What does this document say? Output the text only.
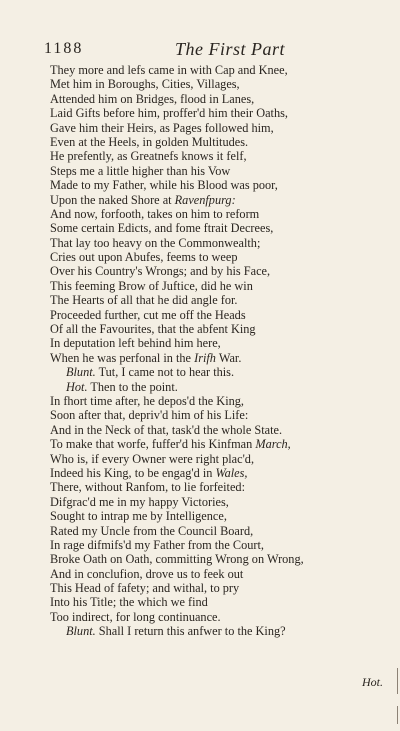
1188	The First Part
They more and lefs came in with Cap and Knee,
Met him in Boroughs, Cities, Villages,
Attended him on Bridges, flood in Lanes,
Laid Gifts before him, proffer'd him their Oaths,
Gave him their Heirs, as Pages followed him,
Even at the Heels, in golden Multitudes.
He prefently, as Greatnefs knows it felf,
Steps me a little higher than his Vow
Made to my Father, while his Blood was poor,
Upon the naked Shore at Ravenfpurg:
And now, forfooth, takes on him to reform
Some certain Edicts, and fome ftrait Decrees,
That lay too heavy on the Commonwealth;
Cries out upon Abufes, feems to weep
Over his Country's Wrongs; and by his Face,
This feeming Brow of Juftice, did he win
The Hearts of all that he did angle for.
Proceeded further, cut me off the Heads
Of all the Favourites, that the abfent King
In deputation left behind him here,
When he was perfonal in the Irifh War.
Blunt. Tut, I came not to hear this.
Hot. Then to the point.
In fhort time after, he depos'd the King,
Soon after that, depriv'd him of his Life:
And in the Neck of that, task'd the whole State.
To make that worfe, fuffer'd his Kinfman March,
Who is, if every Owner were right plac'd,
Indeed his King, to be engag'd in Wales,
There, without Ranfom, to lie forfeited:
Difgrac'd me in my happy Victories,
Sought to intrap me by Intelligence,
Rated my Uncle from the Council Board,
In rage difmifs'd my Father from the Court,
Broke Oath on Oath, committing Wrong on Wrong,
And in conclufion, drove us to feek out
This Head of fafety; and withal, to pry
Into his Title; the which we find
Too indirect, for long continuance.
Blunt. Shall I return this anfwer to the King?
Hot.
